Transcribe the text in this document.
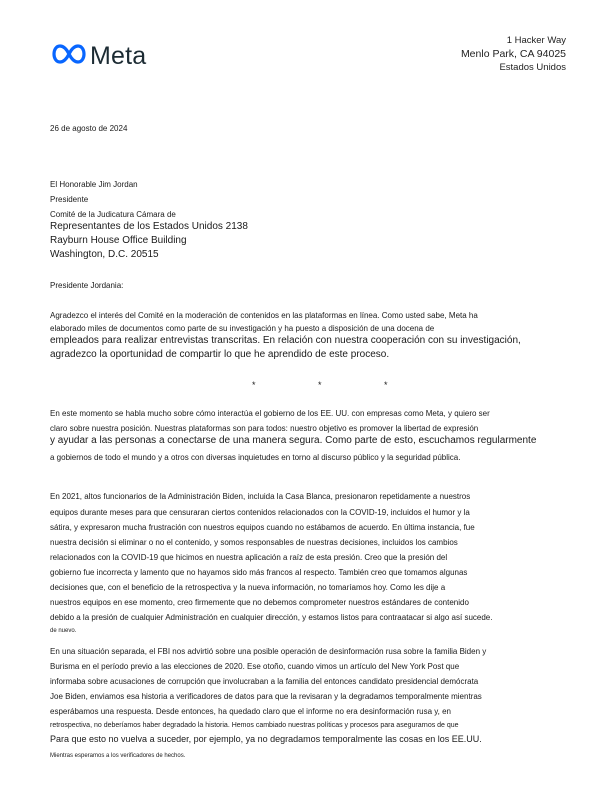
Meta
1 Hacker Way
Menlo Park, CA 94025
Estados Unidos
26 de agosto de 2024
El Honorable Jim Jordan
Presidente
Comité de la Judicatura Cámara de
Representantes de los Estados Unidos 2138
Rayburn House Office Building
Washington, D.C. 20515
Presidente Jordania:
Agradezco el interés del Comité en la moderación de contenidos en las plataformas en línea. Como usted sabe, Meta ha
elaborado miles de documentos como parte de su investigación y ha puesto a disposición de una docena de
empleados para realizar entrevistas transcritas. En relación con nuestra cooperación con su investigación,
agradezco la oportunidad de compartir lo que he aprendido de este proceso.
* * *
En este momento se habla mucho sobre cómo interactúa el gobierno de los EE. UU. con empresas como Meta, y quiero ser
claro sobre nuestra posición. Nuestras plataformas son para todos: nuestro objetivo es promover la libertad de expresión
y ayudar a las personas a conectarse de una manera segura. Como parte de esto, escuchamos regularmente
a gobiernos de todo el mundo y a otros con diversas inquietudes en torno al discurso público y la seguridad pública.
En 2021, altos funcionarios de la Administración Biden, incluida la Casa Blanca, presionaron repetidamente a nuestros
equipos durante meses para que censuraran ciertos contenidos relacionados con la COVID-19, incluidos el humor y la
sátira, y expresaron mucha frustración con nuestros equipos cuando no estábamos de acuerdo. En última instancia, fue
nuestra decisión si eliminar o no el contenido, y somos responsables de nuestras decisiones, incluidos los cambios
relacionados con la COVID-19 que hicimos en nuestra aplicación a raíz de esta presión. Creo que la presión del
gobierno fue incorrecta y lamento que no hayamos sido más francos al respecto. También creo que tomamos algunas
decisiones que, con el beneficio de la retrospectiva y la nueva información, no tomaríamos hoy. Como les dije a
nuestros equipos en ese momento, creo firmemente que no debemos comprometer nuestros estándares de contenido
debido a la presión de cualquier Administración en cualquier dirección, y estamos listos para contraatacar si algo así sucede.
de nuevo.
En una situación separada, el FBI nos advirtió sobre una posible operación de desinformación rusa sobre la familia Biden y
Burisma en el período previo a las elecciones de 2020. Ese otoño, cuando vimos un artículo del New York Post que
informaba sobre acusaciones de corrupción que involucraban a la familia del entonces candidato presidencial demócrata
Joe Biden, enviamos esa historia a verificadores de datos para que la revisaran y la degradamos temporalmente mientras
esperábamos una respuesta. Desde entonces, ha quedado claro que el informe no era desinformación rusa y, en
retrospectiva, no deberíamos haber degradado la historia. Hemos cambiado nuestras políticas y procesos para asegurarnos de que
Para que esto no vuelva a suceder, por ejemplo, ya no degradamos temporalmente las cosas en los EE.UU.
Mientras esperamos a los verificadores de hechos.
